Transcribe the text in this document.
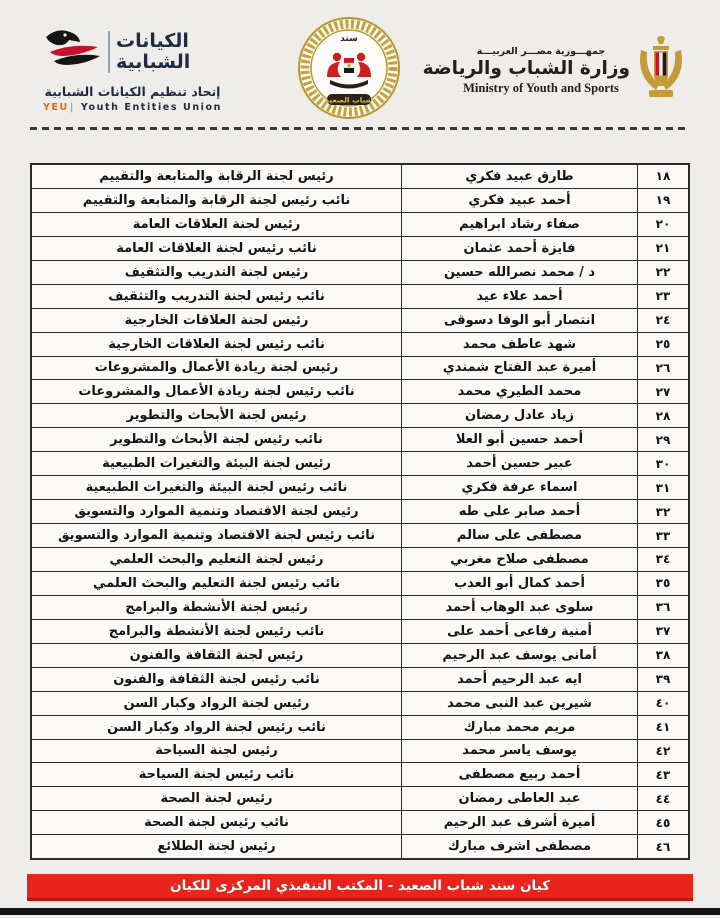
الكيانات
الشبابية
إتحاد تنظيم الكيانات الشبابية
YEU| Youth Entities Union
سند
شباب الصعيد
جمهـــورية مصـــر العربيـــة
وزارة الشباب والرياضة
Ministry of Youth and Sports
١٨
طارق عبيد فكري
رئيس لجنة الرقابة والمتابعة والتقييم
١٩
أحمد عبيد فكري
نائب رئيس لجنة الرقابة والمتابعة والتقييم
٢٠
صفاء رشاد ابراهيم
رئيس لجنة العلاقات العامة
٢١
فايزة أحمد عثمان
نائب رئيس لجنة العلاقات العامة
٢٢
د / محمد نصرالله حسين
رئيس لجنة التدريب والتثقيف
٢٣
أحمد علاء عيد
نائب رئيس لجنة التدريب والتثقيف
٢٤
انتصار أبو الوفا دسوقى
رئيس لجنة العلاقات الخارجية
٢٥
شهد عاطف محمد
نائب رئيس لجنة العلاقات الخارجية
٢٦
أميرة عبد الفتاح شمندي
رئيس لجنة ريادة الأعمال والمشروعات
٢٧
محمد الطيري محمد
نائب رئيس لجنة ريادة الأعمال والمشروعات
٢٨
زياد عادل رمضان
رئيس لجنة الأبحاث والتطوير
٢٩
أحمد حسين أبو العلا
نائب رئيس لجنة الأبحاث والتطوير
٣٠
عبير حسين أحمد
رئيس لجنة البيئة والتغيرات الطبيعية
٣١
اسماء عرفة فكري
نائب رئيس لجنة البيئة والتغيرات الطبيعية
٣٢
أحمد صابر على طه
رئيس لجنة الاقتصاد وتنمية الموارد والتسويق
٣٣
مصطفى على سالم
نائب رئيس لجنة الاقتصاد وتنمية الموارد والتسويق
٣٤
مصطفى صلاح مغربي
رئيس لجنة التعليم والبحث العلمي
٣٥
أحمد كمال أبو العدب
نائب رئيس لجنة التعليم والبحث العلمي
٣٦
سلوى عبد الوهاب أحمد
رئيس لجنة الأنشطة والبرامج
٣٧
أمنية رفاعى أحمد على
نائب رئيس لجنة الأنشطة والبرامج
٣٨
أمانى يوسف عبد الرحيم
رئيس لجنة الثقافة والفنون
٣٩
ايه عبد الرحيم أحمد
نائب رئيس لجنة الثقافة والفنون
٤٠
شيرين عبد النبى محمد
رئيس لجنة الرواد وكبار السن
٤١
مريم محمد مبارك
نائب رئيس لجنة الرواد وكبار السن
٤٢
يوسف ياسر محمد
رئيس لجنة السياحة
٤٣
أحمد ربيع مصطفى
نائب رئيس لجنة السياحة
٤٤
عبد العاطى رمضان
رئيس لجنة الصحة
٤٥
أميرة أشرف عبد الرحيم
نائب رئيس لجنة الصحة
٤٦
مصطفى اشرف مبارك
رئيس لجنة الطلائع
كيان سند شباب الصعيد - المكتب التنفيذي المركزى للكيان
